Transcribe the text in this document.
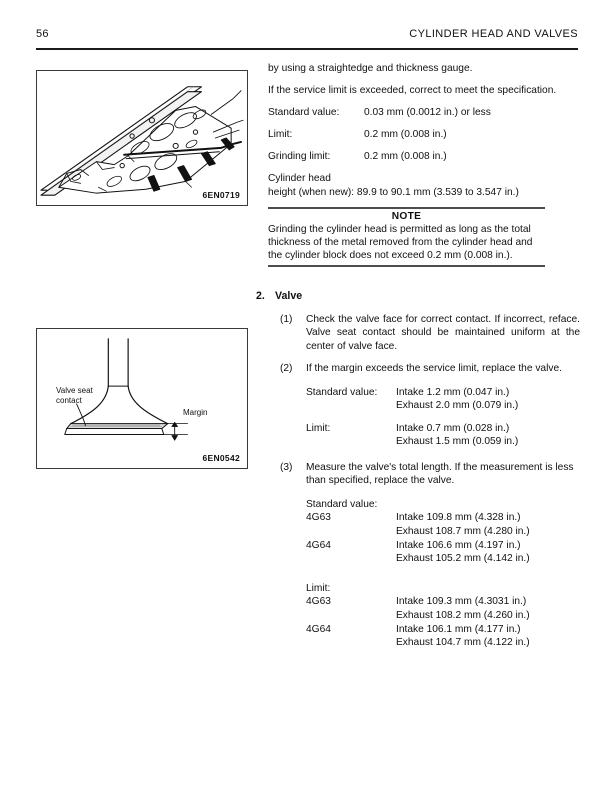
56	CYLINDER HEAD AND VALVES
6EN0719
Valve seat
contact
Margin
6EN0542

by using a straightedge and thickness gauge.

If the service limit is exceeded, correct to meet the specification.

Standard value:	0.03 mm (0.0012 in.) or less
Limit:	0.2 mm (0.008 in.)
Grinding limit:	0.2 mm (0.008 in.)
Cylinder head
height (when new): 89.9 to 90.1 mm (3.539 to 3.547 in.)
NOTE
Grinding the cylinder head is permitted as long as the total thickness of the metal removed from the cylinder head and the cylinder block does not exceed 0.2 mm (0.008 in.).
2. Valve
(1)	Check the valve face for correct contact. If incorrect, reface. Valve seat contact should be maintained uniform at the center of valve face.
(2)	If the margin exceeds the service limit, replace the valve.
Standard value:	Intake 1.2 mm (0.047 in.)
Exhaust 2.0 mm (0.079 in.)
Limit:	Intake 0.7 mm (0.028 in.)
Exhaust 1.5 mm (0.059 in.)
(3)	Measure the valve's total length. If the measurement is less than specified, replace the valve.
Standard value:
4G63	Intake 109.8 mm (4.328 in.)
Exhaust 108.7 mm (4.280 in.)
4G64	Intake 106.6 mm (4.197 in.)
Exhaust 105.2 mm (4.142 in.)
Limit:
4G63	Intake 109.3 mm (4.3031 in.)
Exhaust 108.2 mm (4.260 in.)
4G64	Intake 106.1 mm (4.177 in.)
Exhaust 104.7 mm (4.122 in.)
